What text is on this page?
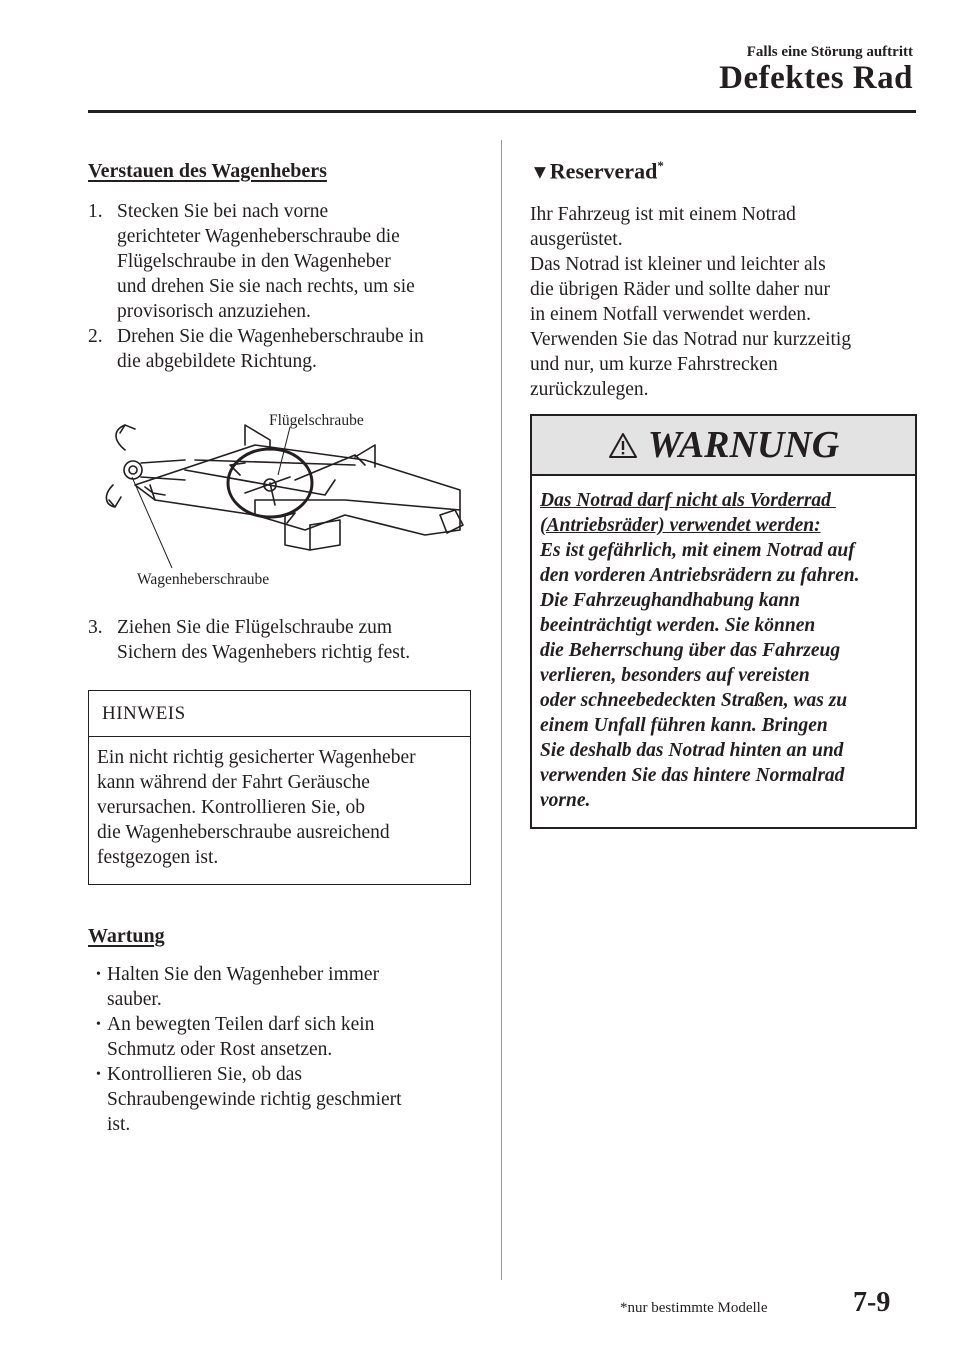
Falls eine Störung auftritt
Defektes Rad
Verstauen des Wagenhebers
1. Stecken Sie bei nach vorne
gerichteter Wagenheberschraube die
Flügelschraube in den Wagenheber
und drehen Sie sie nach rechts, um sie
provisorisch anzuziehen.
2. Drehen Sie die Wagenheberschraube in
die abgebildete Richtung.
Flügelschraube
Wagenheberschraube
3. Ziehen Sie die Flügelschraube zum
Sichern des Wagenhebers richtig fest.
HINWEIS
Ein nicht richtig gesicherter Wagenheber
kann während der Fahrt Geräusche
verursachen. Kontrollieren Sie, ob
die Wagenheberschraube ausreichend
festgezogen ist.
Wartung
• Halten Sie den Wagenheber immer
sauber.
• An bewegten Teilen darf sich kein
Schmutz oder Rost ansetzen.
• Kontrollieren Sie, ob das
Schraubengewinde richtig geschmiert
ist.
▼Reserverad*
Ihr Fahrzeug ist mit einem Notrad
ausgerüstet.
Das Notrad ist kleiner und leichter als
die übrigen Räder und sollte daher nur
in einem Notfall verwendet werden.
Verwenden Sie das Notrad nur kurzzeitig
und nur, um kurze Fahrstrecken
zurückzulegen.
WARNUNG
Das Notrad darf nicht als Vorderrad
(Antriebsräder) verwendet werden:
Es ist gefährlich, mit einem Notrad auf
den vorderen Antriebsrädern zu fahren.
Die Fahrzeughandhabung kann
beeinträchtigt werden. Sie können
die Beherrschung über das Fahrzeug
verlieren, besonders auf vereisten
oder schneebedeckten Straßen, was zu
einem Unfall führen kann. Bringen
Sie deshalb das Notrad hinten an und
verwenden Sie das hintere Normalrad
vorne.
*nur bestimmte Modelle	7-9
